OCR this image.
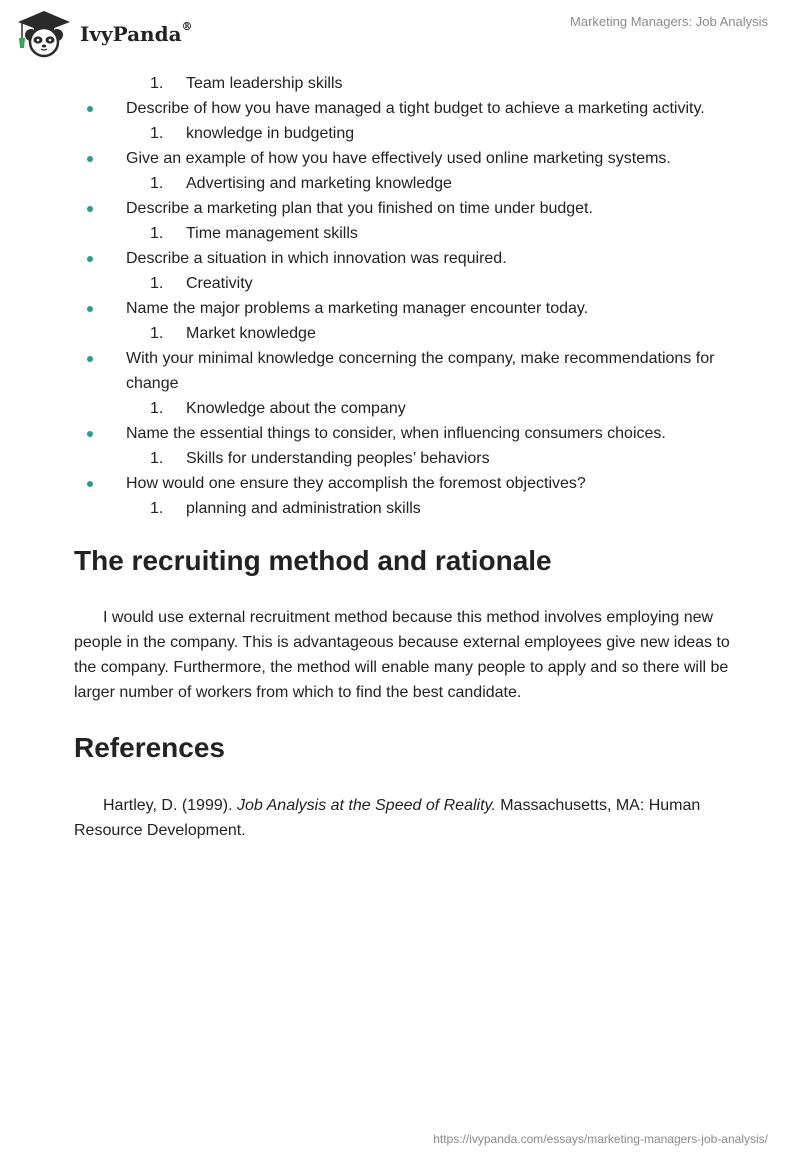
IvyPanda®	Marketing Managers: Job Analysis
1. Team leadership skills
Describe of how you have managed a tight budget to achieve a marketing activity.
1. knowledge in budgeting
Give an example of how you have effectively used online marketing systems.
1. Advertising and marketing knowledge
Describe a marketing plan that you finished on time under budget.
1. Time management skills
Describe a situation in which innovation was required.
1. Creativity
Name the major problems a marketing manager encounter today.
1. Market knowledge
With your minimal knowledge concerning the company, make recommendations for change
1. Knowledge about the company
Name the essential things to consider, when influencing consumers choices.
1. Skills for understanding peoples’ behaviors
How would one ensure they accomplish the foremost objectives?
1. planning and administration skills
The recruiting method and rationale

I would use external recruitment method because this method involves employing new people in the company. This is advantageous because external employees give new ideas to the company. Furthermore, the method will enable many people to apply and so there will be larger number of workers from which to find the best candidate.

References

Hartley, D. (1999). Job Analysis at the Speed of Reality. Massachusetts, MA: Human Resource Development.

https://ivypanda.com/essays/marketing-managers-job-analysis/
